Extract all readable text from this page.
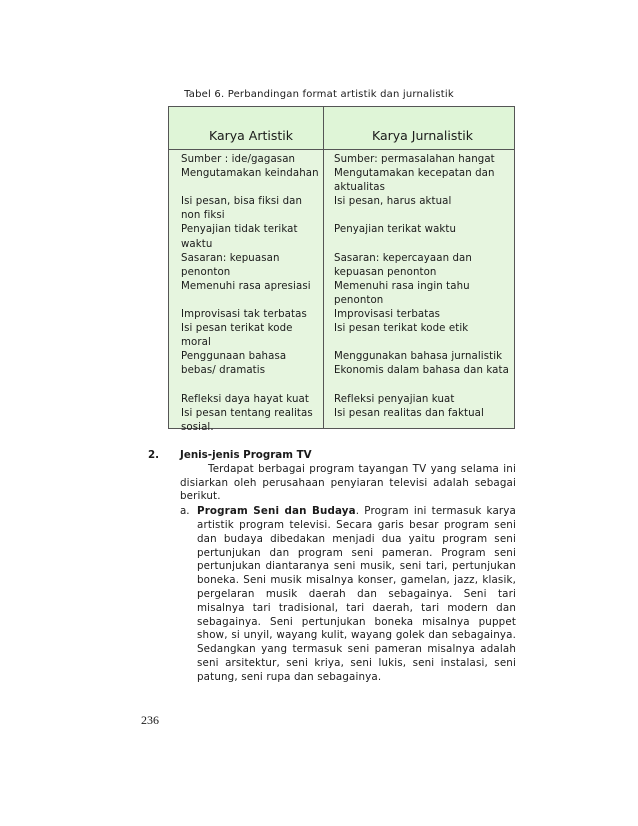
Tabel 6. Perbandingan format artistik dan jurnalistik
Karya Artistik	Karya Jurnalistik
Sumber : ide/gagasan
Mengutamakan keindahan
Isi pesan, bisa fiksi dan
non fiksi
Penyajian tidak terikat
waktu
Sasaran: kepuasan
penonton
Memenuhi rasa apresiasi
Improvisasi tak terbatas
Isi pesan terikat kode
moral
Penggunaan bahasa
bebas/ dramatis
Refleksi daya hayat kuat
Isi pesan tentang realitas
sosial.
Sumber: permasalahan hangat
Mengutamakan kecepatan dan
aktualitas
Isi pesan, harus aktual
Penyajian terikat waktu
Sasaran: kepercayaan dan
kepuasan penonton
Memenuhi rasa ingin tahu
penonton
Improvisasi terbatas
Isi pesan terikat kode etik
Menggunakan bahasa jurnalistik
Ekonomis dalam bahasa dan kata
Refleksi penyajian kuat
Isi pesan realitas dan faktual
2.	Jenis-jenis Program TV
Terdapat berbagai program tayangan TV yang selama ini disiarkan oleh perusahaan penyiaran televisi adalah sebagai berikut.
a. Program Seni dan Budaya. Program ini termasuk karya artistik program televisi. Secara garis besar program seni dan budaya dibedakan menjadi dua yaitu program seni pertunjukan dan program seni pameran. Program seni pertunjukan diantaranya seni musik, seni tari, pertunjukan boneka. Seni musik misalnya konser, gamelan, jazz, klasik, pergelaran musik daerah dan sebagainya. Seni tari misalnya tari tradisional, tari daerah, tari modern dan sebagainya. Seni pertunjukan boneka misalnya puppet show, si unyil, wayang kulit, wayang golek dan sebagainya. Sedangkan yang termasuk seni pameran misalnya adalah seni arsitektur, seni kriya, seni lukis, seni instalasi, seni patung, seni rupa dan sebagainya.
236
